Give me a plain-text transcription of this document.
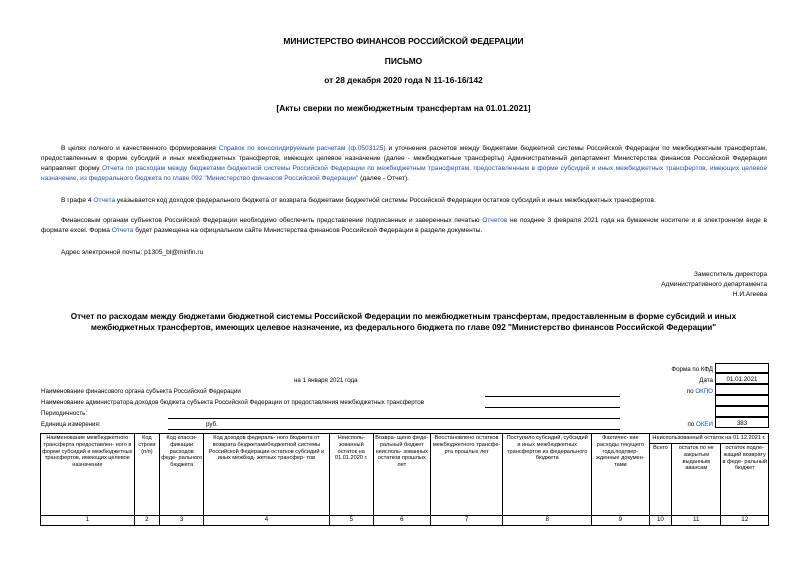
МИНИСТЕРСТВО ФИНАНСОВ РОССИЙСКОЙ ФЕДЕРАЦИИ
ПИСЬМО
от 28 декабря 2020 года N 11-16-16/142
[Акты сверки по межбюджетным трансфертам на 01.01.2021]
В целях полного и качественного формирования Справок по консолидируемым расчетам (ф.0503125) и уточнения расчетов между бюджетами бюджетной системы Российской Федерации по межбюджетным трансфертам, предоставленным в форме субсидий и иных межбюджетных трансфертов, имеющих целевое назначение (далее - межбюджетные трансферты) Административный департамент Министерства финансов Российской Федерации направляет форму Отчета по расходам между бюджетами бюджетной системы Российской Федерации по межбюджетным трансфертам, предоставленным в форме субсидий и иных межбюджетных трансфертов, имеющих целевое назначение, из федерального бюджета по главе 092 "Министерство финансов Российской Федерации" (далее - Отчет).
В графе 4 Отчета указывается код доходов федерального бюджета от возврата бюджетами бюджетной системы Российской Федерации остатков субсидий и иных межбюджетных трансфертов.
Финансовым органам субъектов Российской Федерации необходимо обеспечить представление подписанных и заверенных печатью Отчетов не позднее 3 февраля 2021 года на бумажном носителе и в электронном виде в формате excel. Форма Отчета будет размещена на официальном сайте Министерства финансов Российской Федерации в разделе документы.
Адрес электронной почты: p1305_bl@minfin.ru
Заместитель директора
Административного департамента
Н.И.Агеева
Отчет по расходам между бюджетами бюджетной системы Российской Федерации по межбюджетным трансфертам, предоставленным в форме субсидий и иных межбюджетных трансфертов, имеющих целевое назначение, из федерального бюджета по главе 092 "Министерство финансов Российской Федерации"
Форма по КФД
на 1 января 2021 года	Дата	01.01.2021
Наименование финансового органа субъекта Российской Федерации	по ОКПО
Наименование администратора доходов бюджета субъекта Российской Федерации от предоставления межбюджетных трансфертов
Периодичность:
Единица измерения:	руб.	по ОКЕИ	383
Наименование межбюджетного трансферта предоставлен- ного в форме субсидий и межбюджетных трансфертов, имеющих целевое назначение	Код строки (п/п)	Код класси- фикации расходов феде- рального бюджета	Код доходов федераль- ного бюджета от возврата бюджетамибюджетной системы Российской Федерации остатков субсидий и иных межбюд- жетных трансфер- тов	Неисполь- зованный остаток на 01.01.2020 г.	Возвра- щено феде- ральный бюджет неисполь- зованных остатков прошлых лет	Восстановлено остатков межбюджетного трансфе- рта прошлых лет	Поступило субсидий, субсидий и иных межбюджетных трансфертов из федерального бюджета	Фактичес- кие расходы текущего года,подтвер- жденные докумен- тами	Неиспользованный остаток на 01.12.2021 г.		
									Всего	остаток по не закрытым выданным авансам	остаток подле- жащий возврату в феде- ральный бюджет
1	2	3	4	5	6	7	8	9	10	11	12
